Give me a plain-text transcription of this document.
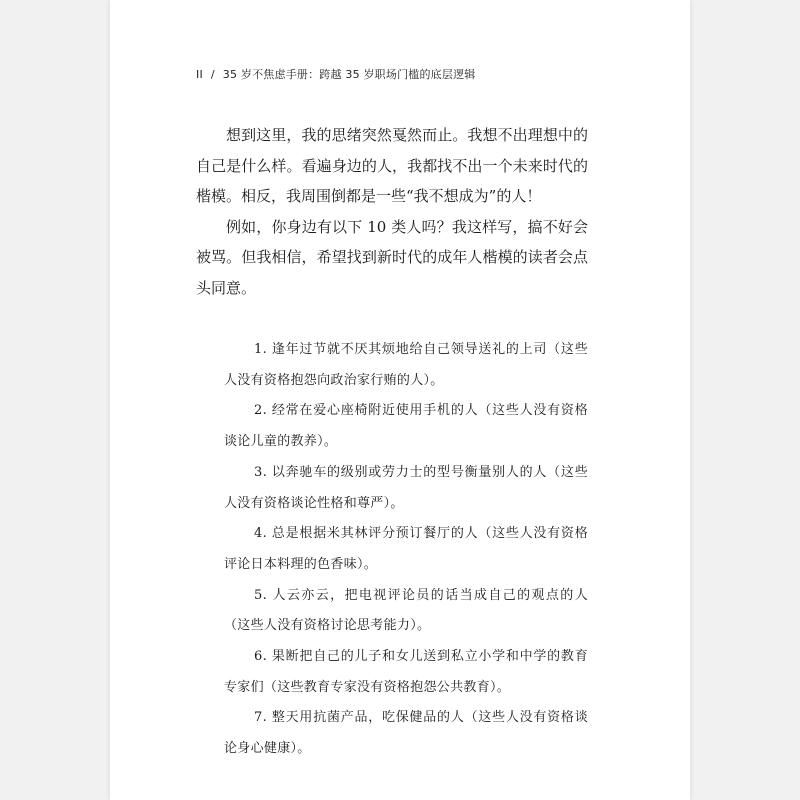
II / 35 岁不焦虑手册：跨越 35 岁职场门槛的底层逻辑

想到这里，我的思绪突然戛然而止。我想不出理想中的自己是什么样。看遍身边的人，我都找不出一个未来时代的楷模。相反，我周围倒都是一些“我不想成为”的人！

例如，你身边有以下 10 类人吗？我这样写，搞不好会被骂。但我相信，希望找到新时代的成年人楷模的读者会点头同意。

1. 逢年过节就不厌其烦地给自己领导送礼的上司（这些人没有资格抱怨向政治家行贿的人）。

2. 经常在爱心座椅附近使用手机的人（这些人没有资格谈论儿童的教养）。

3. 以奔驰车的级别或劳力士的型号衡量别人的人（这些人没有资格谈论性格和尊严）。

4. 总是根据米其林评分预订餐厅的人（这些人没有资格评论日本料理的色香味）。

5. 人云亦云，把电视评论员的话当成自己的观点的人（这些人没有资格讨论思考能力）。

6. 果断把自己的儿子和女儿送到私立小学和中学的教育专家们（这些教育专家没有资格抱怨公共教育）。

7. 整天用抗菌产品，吃保健品的人（这些人没有资格谈论身心健康）。
